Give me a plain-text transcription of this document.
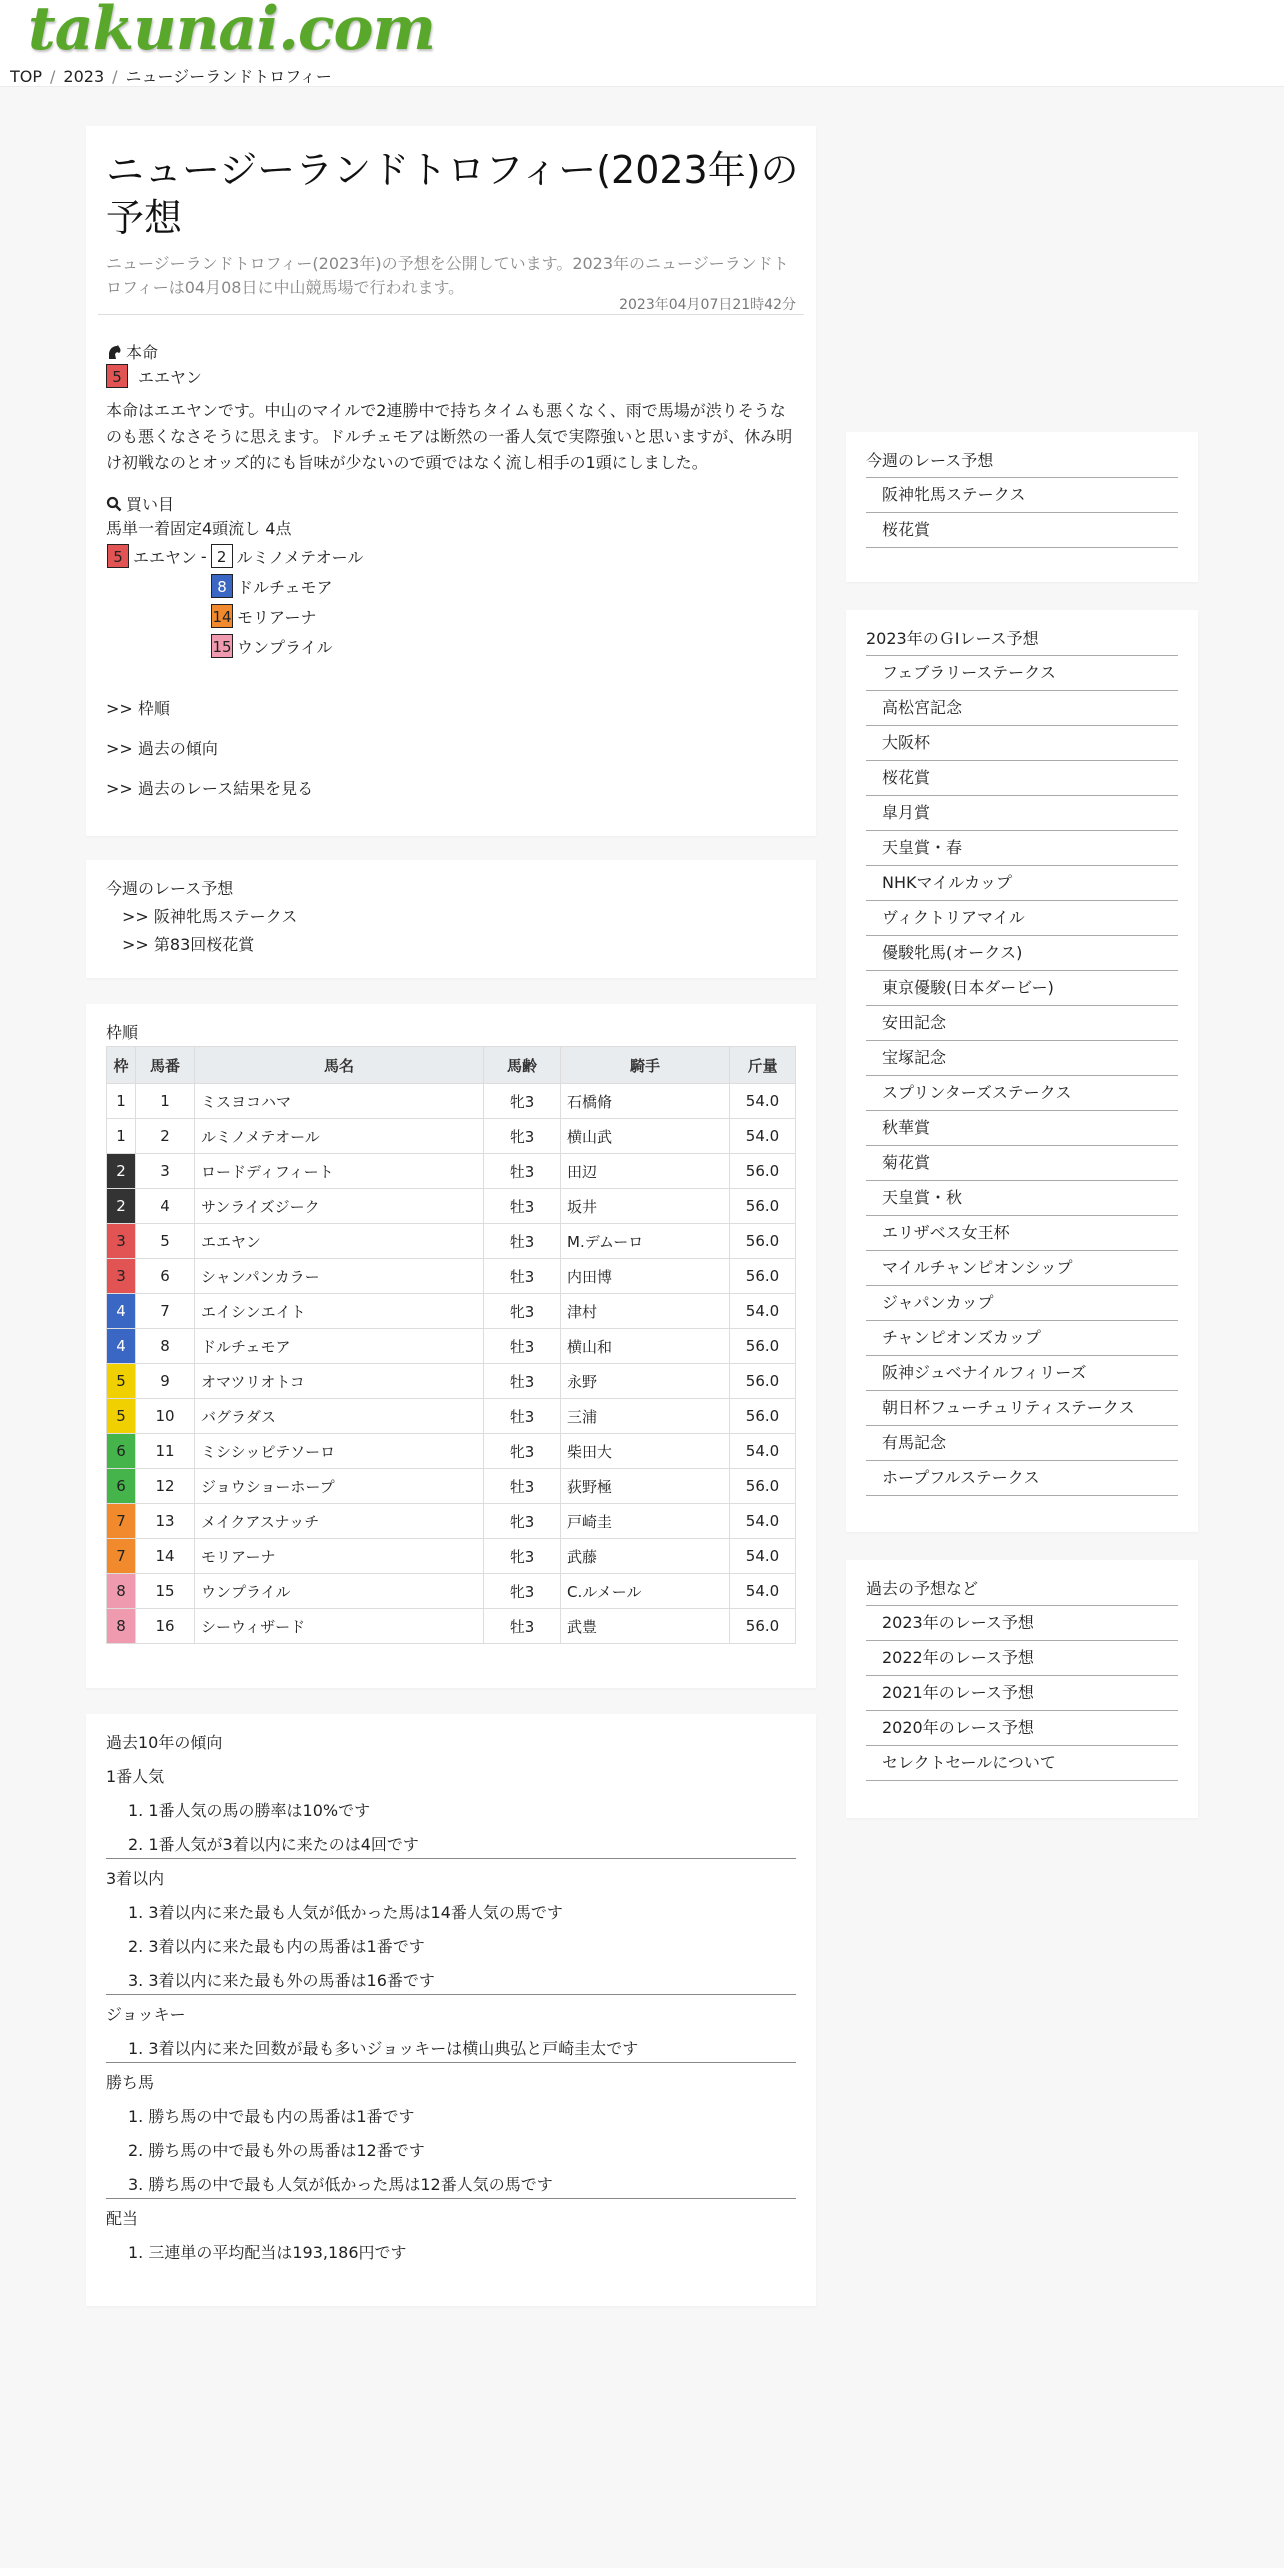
takunai.com
TOP / 2023 / ニュージーランドトロフィー
ニュージーランドトロフィー(2023年)の予想
ニュージーランドトロフィー(2023年)の予想を公開しています。2023年のニュージーランドトロフィーは04月08日に中山競馬場で行われます。
2023年04月07日21時42分
本命
5	エエヤン
本命はエエヤンです。中山のマイルで2連勝中で持ちタイムも悪くなく、雨で馬場が渋りそうなのも悪くなさそうに思えます。ドルチェモアは断然の一番人気で実際強いと思いますが、休み明け初戦なのとオッズ的にも旨味が少ないので頭ではなく流し相手の1頭にしました。
買い目
馬単一着固定4頭流し 4点
5 エエヤン - 2 ルミノメテオール
8 ドルチェモア
14 モリアーナ
15 ウンプライル
>> 枠順
>> 過去の傾向
>> 過去のレース結果を見る
今週のレース予想
>> 阪神牝馬ステークス
>> 第83回桜花賞
枠順
枠	馬番	馬名	馬齢	騎手	斤量
1	1	ミスヨコハマ	牝3	石橋脩	54.0
1	2	ルミノメテオール	牝3	横山武	54.0
2	3	ロードディフィート	牡3	田辺	56.0
2	4	サンライズジーク	牡3	坂井	56.0
3	5	エエヤン	牡3	M.デムーロ	56.0
3	6	シャンパンカラー	牡3	内田博	56.0
4	7	エイシンエイト	牝3	津村	54.0
4	8	ドルチェモア	牡3	横山和	56.0
5	9	オマツリオトコ	牡3	永野	56.0
5	10	バグラダス	牡3	三浦	56.0
6	11	ミシシッピテソーロ	牝3	柴田大	54.0
6	12	ジョウショーホープ	牡3	荻野極	56.0
7	13	メイクアスナッチ	牝3	戸崎圭	54.0
7	14	モリアーナ	牝3	武藤	54.0
8	15	ウンプライル	牝3	C.ルメール	54.0
8	16	シーウィザード	牡3	武豊	56.0
過去10年の傾向
1番人気
1. 1番人気の馬の勝率は10%です
2. 1番人気が3着以内に来たのは4回です
3着以内
1. 3着以内に来た最も人気が低かった馬は14番人気の馬です
2. 3着以内に来た最も内の馬番は1番です
3. 3着以内に来た最も外の馬番は16番です
ジョッキー
1. 3着以内に来た回数が最も多いジョッキーは横山典弘と戸崎圭太です
勝ち馬
1. 勝ち馬の中で最も内の馬番は1番です
2. 勝ち馬の中で最も外の馬番は12番です
3. 勝ち馬の中で最も人気が低かった馬は12番人気の馬です
配当
1. 三連単の平均配当は193,186円です
今週のレース予想
阪神牝馬ステークス
桜花賞
2023年のＧⅠレース予想
フェブラリーステークス
高松宮記念
大阪杯
桜花賞
皐月賞
天皇賞・春
NHKマイルカップ
ヴィクトリアマイル
優駿牝馬(オークス)
東京優駿(日本ダービー)
安田記念
宝塚記念
スプリンターズステークス
秋華賞
菊花賞
天皇賞・秋
エリザベス女王杯
マイルチャンピオンシップ
ジャパンカップ
チャンピオンズカップ
阪神ジュベナイルフィリーズ
朝日杯フューチュリティステークス
有馬記念
ホープフルステークス
過去の予想など
2023年のレース予想
2022年のレース予想
2021年のレース予想
2020年のレース予想
セレクトセールについて
